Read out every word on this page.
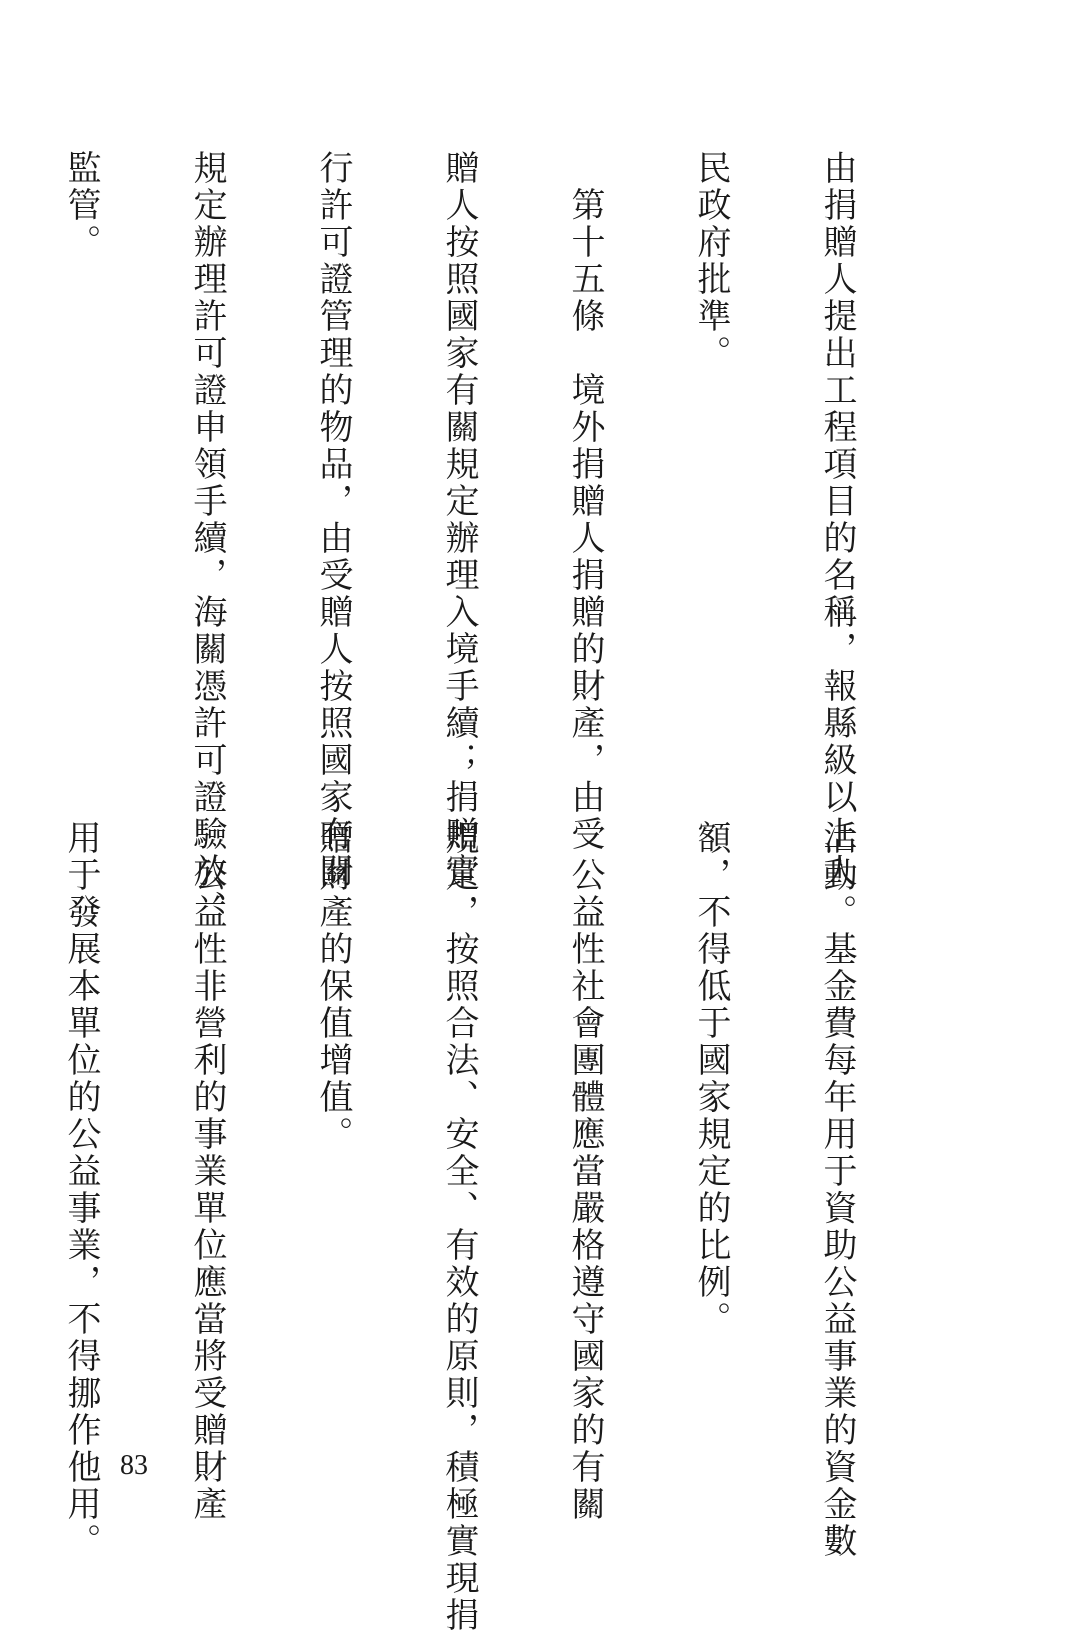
由捐贈人提出工程項目的名稱，報縣級以上人

民政府批準。

　第十五條　境外捐贈人捐贈的財產，由受

贈人按照國家有關規定辦理入境手續；捐贈實

行許可證管理的物品，由受贈人按照國家有關

規定辦理許可證申領手續，海關憑許可證驗放、

監管。

活動。基金費每年用于資助公益事業的資金數

額，不得低于國家規定的比例。

　公益性社會團體應當嚴格遵守國家的有關

規定，按照合法、安全、有效的原則，積極實現捐

贈財產的保值增值。

　公益性非營利的事業單位應當將受贈財產

用于發展本單位的公益事業，不得挪作他用。

83
